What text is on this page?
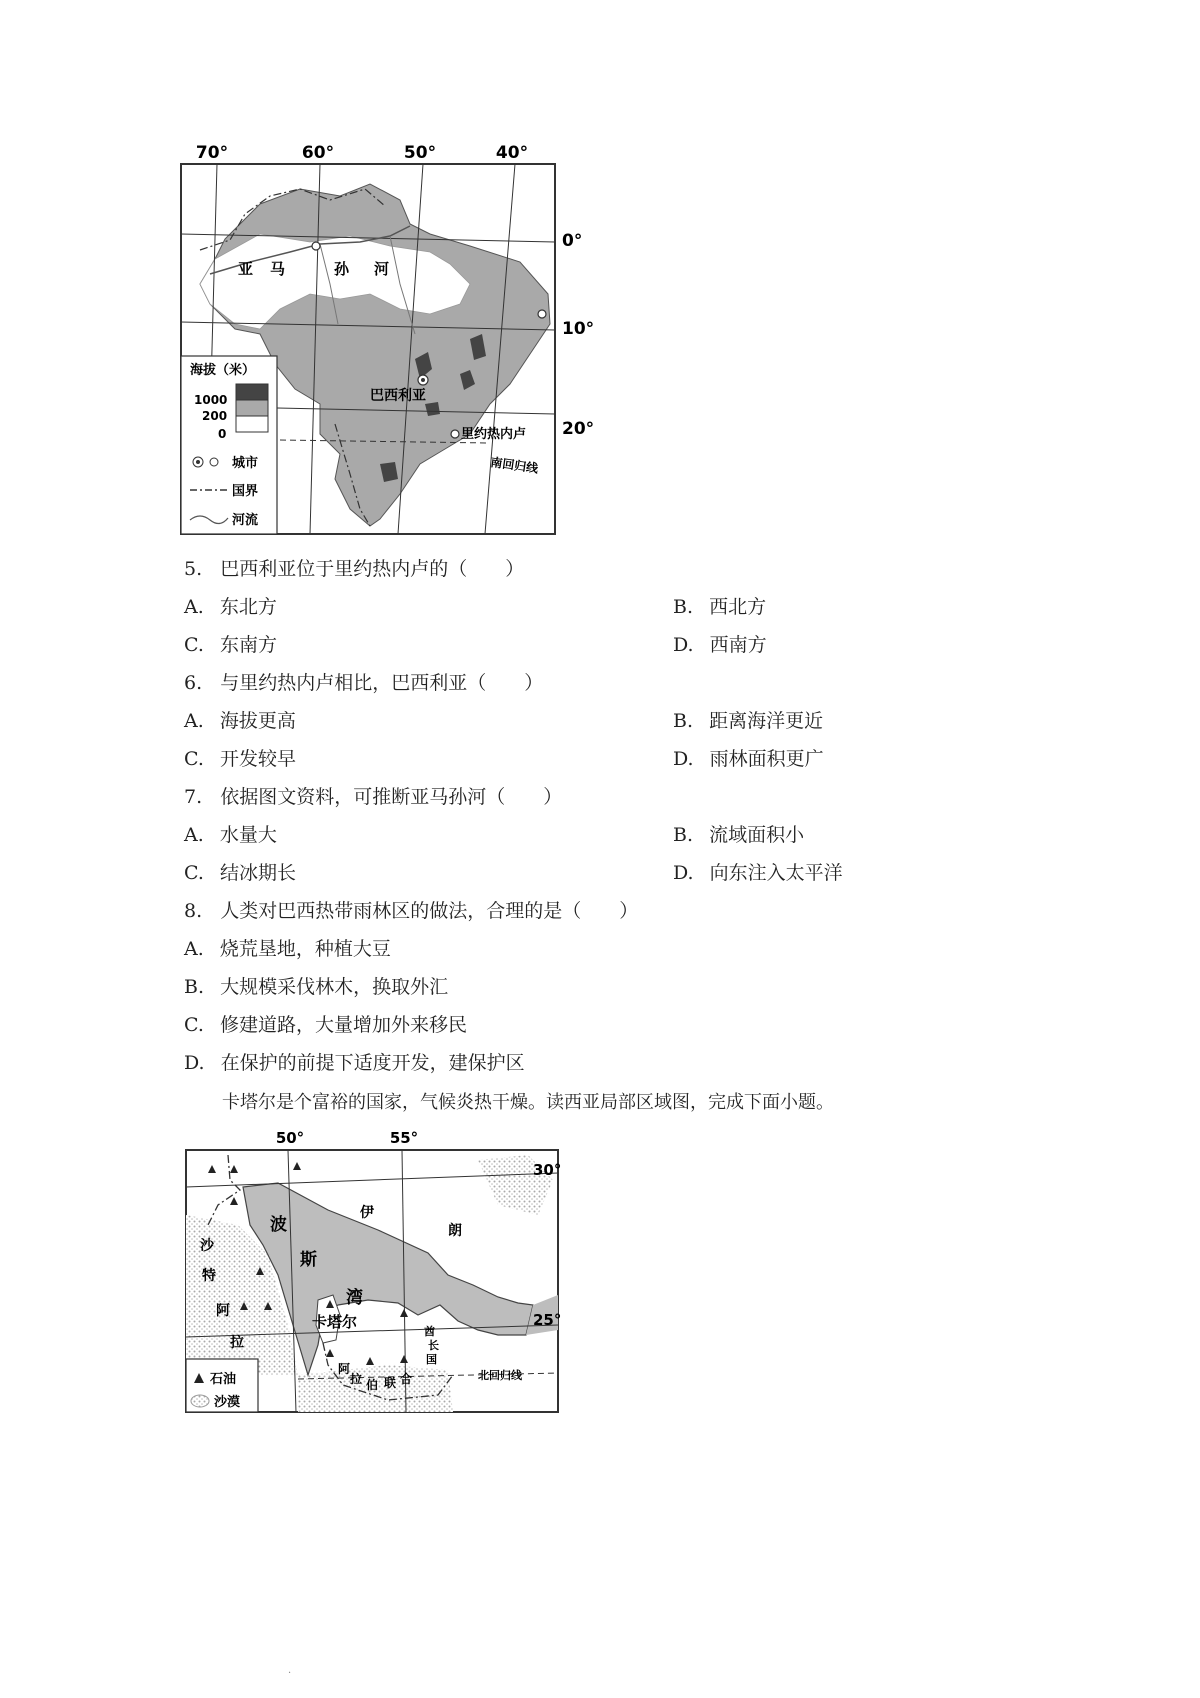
70°	60°	50°	40°
0°
10°
20°
亚 马	孙 河
巴西利亚
里约热内卢
南回归线
海拔（米）
1000
200
0
城市
国界
河流
5. 巴西利亚位于里约热内卢的（　　）
A. 东北方	B. 西北方
C. 东南方	D. 西南方
6. 与里约热内卢相比，巴西利亚（　　）
A. 海拔更高	B. 距离海洋更近
C. 开发较早	D. 雨林面积更广
7. 依据图文资料，可推断亚马孙河（　　）
A. 水量大	B. 流域面积小
C. 结冰期长	D. 向东注入太平洋
8. 人类对巴西热带雨林区的做法，合理的是（　　）
A. 烧荒垦地，种植大豆
B. 大规模采伐林木，换取外汇
C. 修建道路，大量增加外来移民
D. 在保护的前提下适度开发，建保护区
卡塔尔是个富裕的国家，气候炎热干燥。读西亚局部区域图，完成下面小题。
50°	55°
30°
25°
波
斯
湾
伊
朗
沙
特
阿
拉
卡塔尔
阿
拉 伯 联 合
酋
长
国
北回归线
石油
沙漠
·
